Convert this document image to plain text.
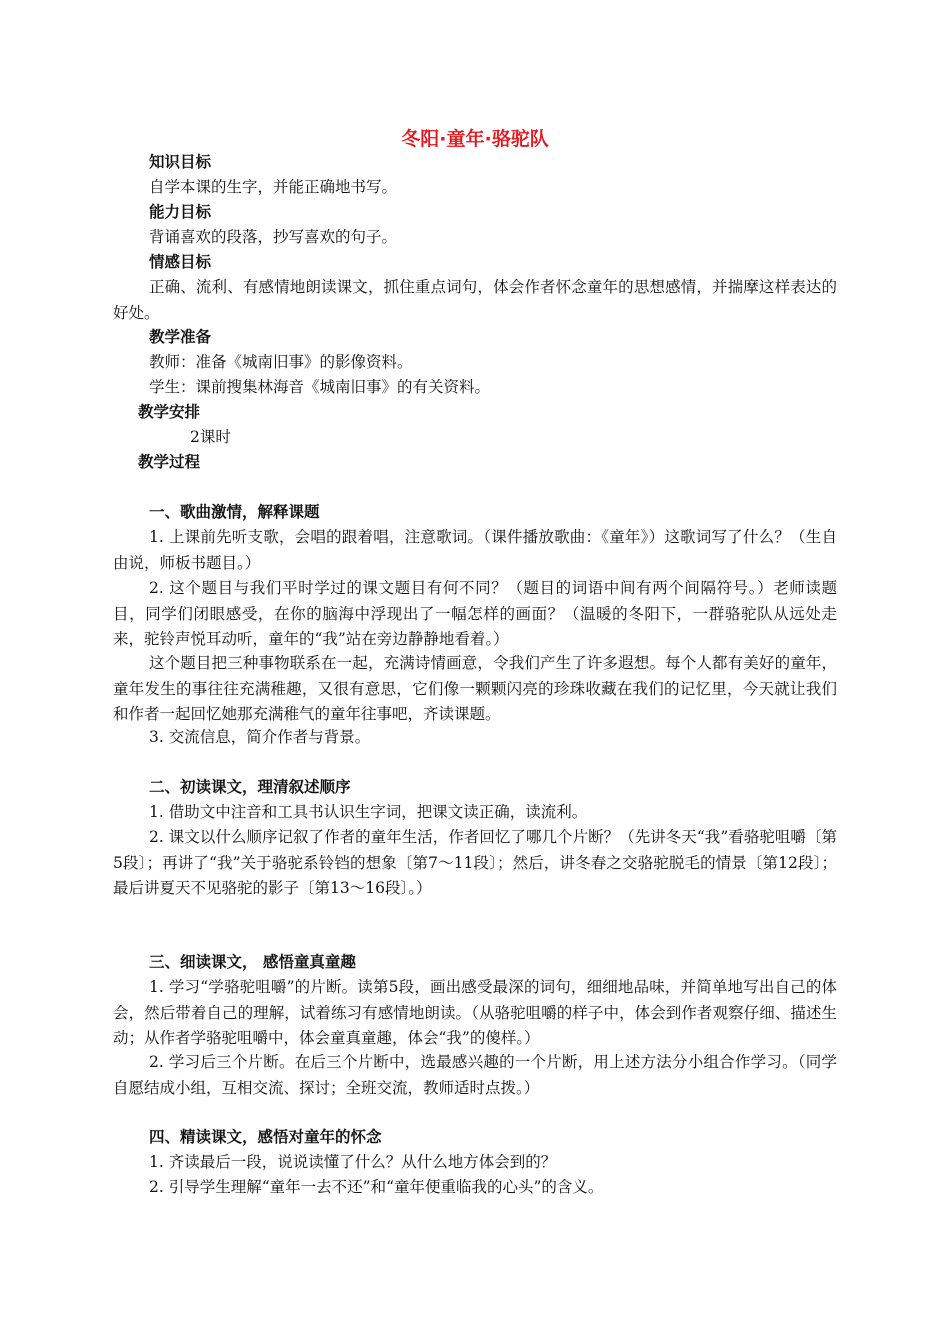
冬阳·童年·骆驼队
知识目标
自学本课的生字，并能正确地书写。
能力目标
背诵喜欢的段落，抄写喜欢的句子。
情感目标
正确、流利、有感情地朗读课文，抓住重点词句，体会作者怀念童年的思想感情，并揣摩这样表达的好处。
教学准备
教师：准备《城南旧事》的影像资料。
学生：课前搜集林海音《城南旧事》的有关资料。
教学安排
2课时
教学过程
一、歌曲激情，解释课题
1. 上课前先听支歌，会唱的跟着唱，注意歌词。（课件播放歌曲：《童年》）这歌词写了什么？（生自由说，师板书题目。）
2. 这个题目与我们平时学过的课文题目有何不同？（题目的词语中间有两个间隔符号。）老师读题目，同学们闭眼感受，在你的脑海中浮现出了一幅怎样的画面？（温暖的冬阳下，一群骆驼队从远处走来，驼铃声悦耳动听，童年的“我”站在旁边静静地看着。）
这个题目把三种事物联系在一起，充满诗情画意，令我们产生了许多遐想。每个人都有美好的童年，童年发生的事往往充满稚趣，又很有意思，它们像一颗颗闪亮的珍珠收藏在我们的记忆里，今天就让我们和作者一起回忆她那充满稚气的童年往事吧，齐读课题。
3. 交流信息，简介作者与背景。
二、初读课文，理清叙述顺序
1. 借助文中注音和工具书认识生字词，把课文读正确，读流利。
2. 课文以什么顺序记叙了作者的童年生活，作者回忆了哪几个片断？（先讲冬天“我”看骆驼咀嚼〔第5段〕；再讲了“我”关于骆驼系铃铛的想象〔第7～11段〕；然后，讲冬春之交骆驼脱毛的情景〔第12段〕；最后讲夏天不见骆驼的影子〔第13～16段〕。）
三、细读课文， 感悟童真童趣
1. 学习“学骆驼咀嚼”的片断。读第5段，画出感受最深的词句，细细地品味，并简单地写出自己的体会，然后带着自己的理解，试着练习有感情地朗读。（从骆驼咀嚼的样子中，体会到作者观察仔细、描述生动；从作者学骆驼咀嚼中，体会童真童趣，体会“我”的傻样。）
2. 学习后三个片断。在后三个片断中，选最感兴趣的一个片断，用上述方法分小组合作学习。（同学自愿结成小组，互相交流、探讨；全班交流，教师适时点拨。）
四、精读课文，感悟对童年的怀念
1. 齐读最后一段，说说读懂了什么？从什么地方体会到的？
2. 引导学生理解“童年一去不还”和“童年便重临我的心头”的含义。
